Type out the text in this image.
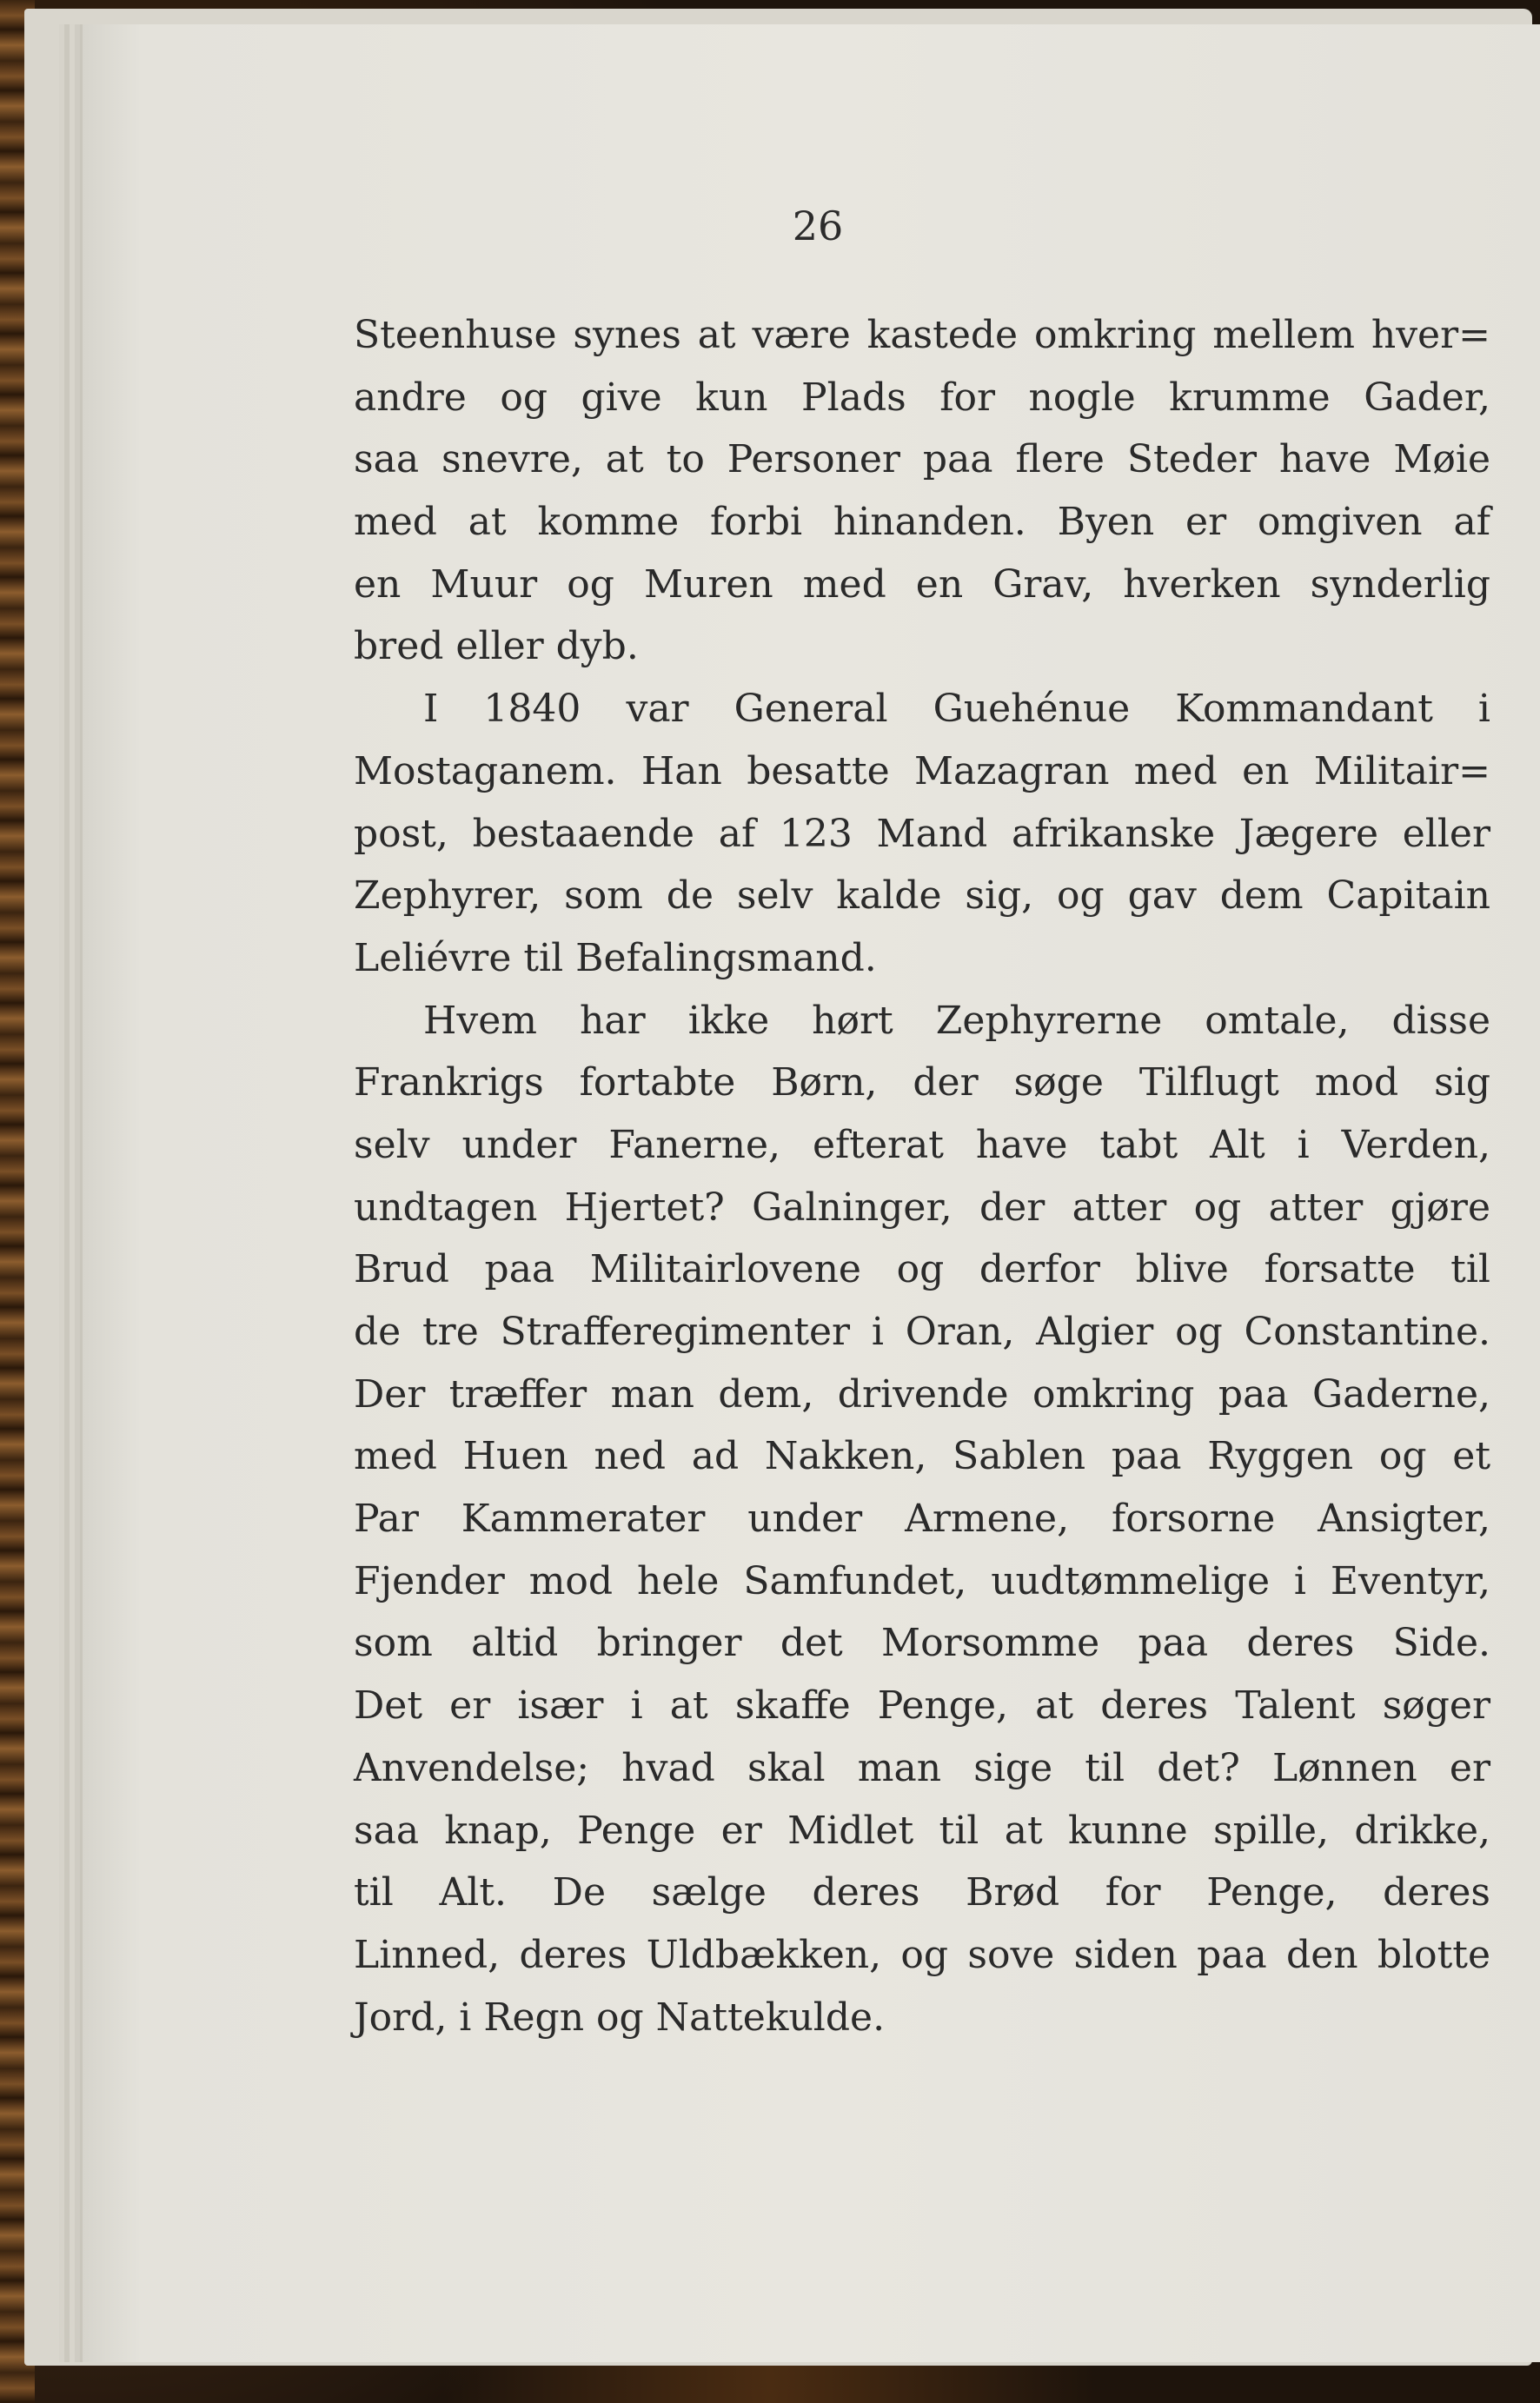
26
Steenhuse synes at være kastede omkring mellem hver=
andre og give kun Plads for nogle krumme Gader,
saa snevre, at to Personer paa flere Steder have Møie
med at komme forbi hinanden. Byen er omgiven af
en Muur og Muren med en Grav, hverken synderlig
bred eller dyb.
I 1840 var General Guehénue Kommandant i
Mostaganem. Han besatte Mazagran med en Militair=
post, bestaaende af 123 Mand afrikanske Jægere eller
Zephyrer, som de selv kalde sig, og gav dem Capitain
Leliévre til Befalingsmand.
Hvem har ikke hørt Zephyrerne omtale, disse
Frankrigs fortabte Børn, der søge Tilflugt mod sig
selv under Fanerne, efterat have tabt Alt i Verden,
undtagen Hjertet? Galninger, der atter og atter gjøre
Brud paa Militairlovene og derfor blive forsatte til
de tre Strafferegimenter i Oran, Algier og Constantine.
Der træffer man dem, drivende omkring paa Gaderne,
med Huen ned ad Nakken, Sablen paa Ryggen og et
Par Kammerater under Armene, forsorne Ansigter,
Fjender mod hele Samfundet, uudtømmelige i Eventyr,
som altid bringer det Morsomme paa deres Side.
Det er især i at skaffe Penge, at deres Talent søger
Anvendelse; hvad skal man sige til det? Lønnen er
saa knap, Penge er Midlet til at kunne spille, drikke,
til Alt. De sælge deres Brød for Penge, deres
Linned, deres Uldbækken, og sove siden paa den blotte
Jord, i Regn og Nattekulde.
